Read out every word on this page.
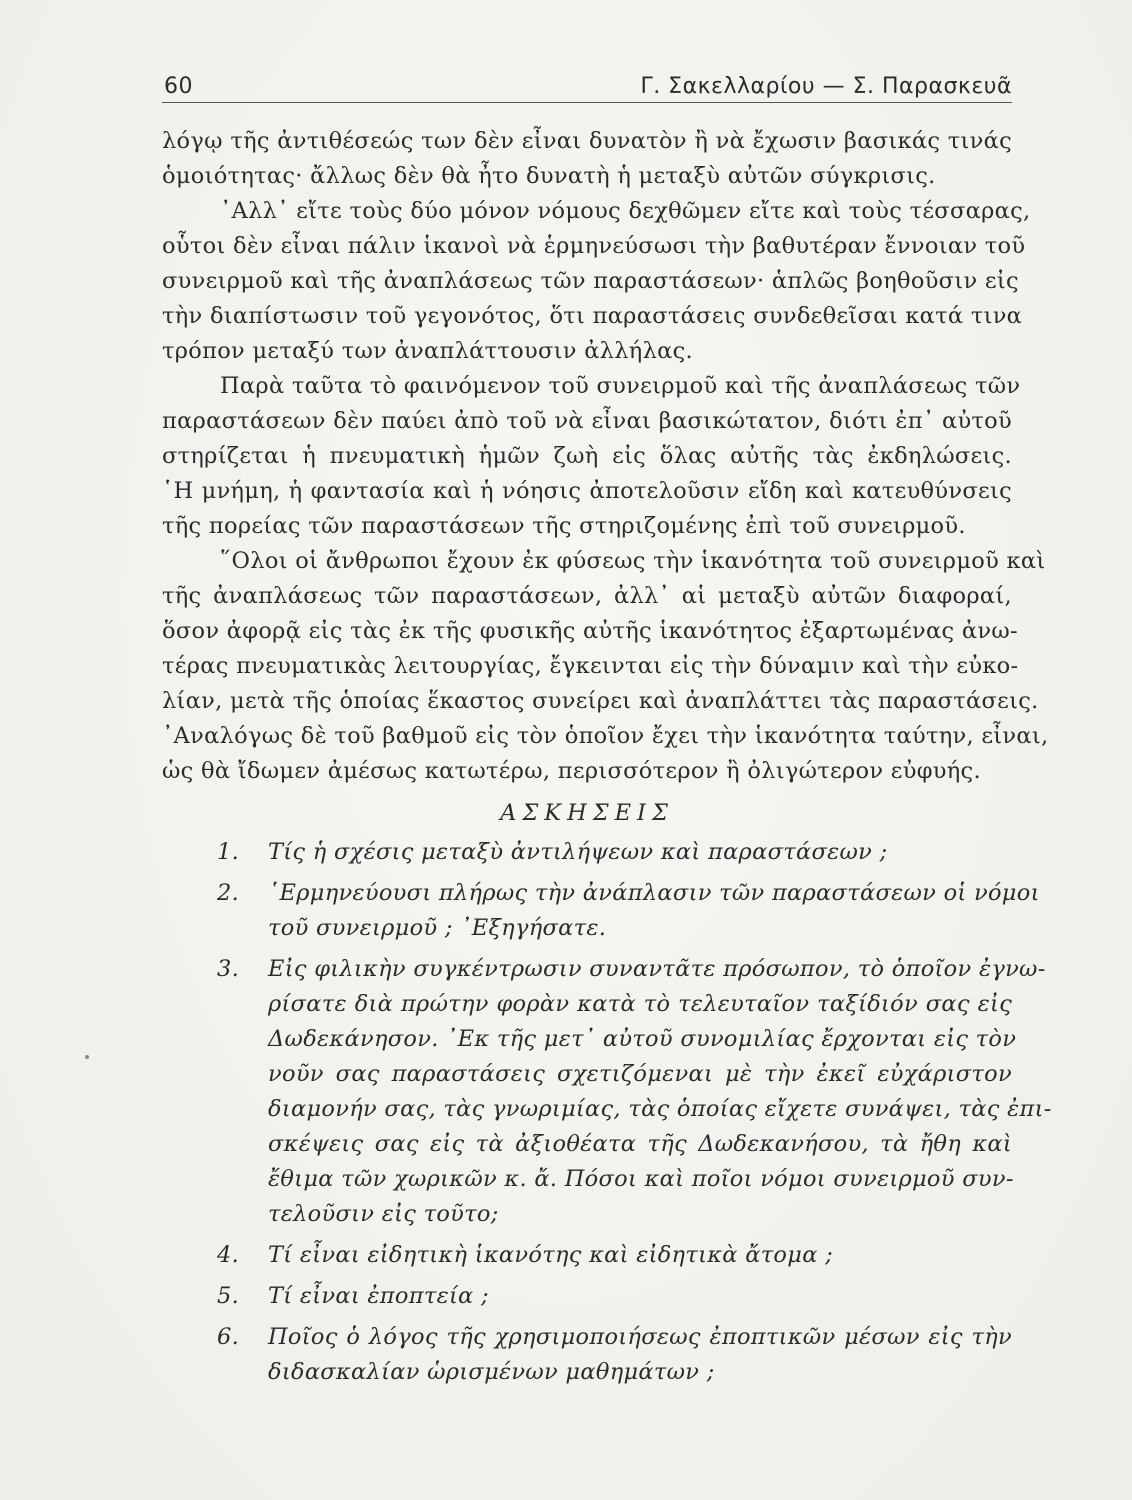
60	Γ. Σακελλαρίου — Σ. Παρασκευᾶ
λόγῳ τῆς ἀντιθέσεώς των δὲν εἶναι δυνατὸν ἢ νὰ ἔχωσιν βασικάς τινάς
ὁμοιότητας· ἄλλως δὲν θὰ ἦτο δυνατὴ ἡ μεταξὺ αὐτῶν σύγκρισις.
᾿Αλλ᾿ εἴτε τοὺς δύο μόνον νόμους δεχθῶμεν εἴτε καὶ τοὺς τέσσαρας,
οὗτοι δὲν εἶναι πάλιν ἱκανοὶ νὰ ἑρμηνεύσωσι τὴν βαθυτέραν ἔννοιαν τοῦ
συνειρμοῦ καὶ τῆς ἀναπλάσεως τῶν παραστάσεων· ἁπλῶς βοηθοῦσιν εἰς
τὴν διαπίστωσιν τοῦ γεγονότος, ὅτι παραστάσεις συνδεθεῖσαι κατά τινα
τρόπον μεταξύ των ἀναπλάττουσιν ἀλλήλας.
Παρὰ ταῦτα τὸ φαινόμενον τοῦ συνειρμοῦ καὶ τῆς ἀναπλάσεως τῶν
παραστάσεων δὲν παύει ἀπὸ τοῦ νὰ εἶναι βασικώτατον, διότι ἐπ᾿ αὐτοῦ
στηρίζεται ἡ πνευματικὴ ἡμῶν ζωὴ εἰς ὅλας αὐτῆς τὰς ἐκδηλώσεις.
῾Η μνήμη, ἡ φαντασία καὶ ἡ νόησις ἀποτελοῦσιν εἴδη καὶ κατευθύνσεις
τῆς πορείας τῶν παραστάσεων τῆς στηριζομένης ἐπὶ τοῦ συνειρμοῦ.
῞Ολοι οἱ ἄνθρωποι ἔχουν ἐκ φύσεως τὴν ἱκανότητα τοῦ συνειρμοῦ καὶ
τῆς ἀναπλάσεως τῶν παραστάσεων, ἀλλ᾿ αἱ μεταξὺ αὐτῶν διαφοραί,
ὅσον ἀφορᾷ εἰς τὰς ἐκ τῆς φυσικῆς αὐτῆς ἱκανότητος ἐξαρτωμένας ἀνω-
τέρας πνευματικὰς λειτουργίας, ἔγκεινται εἰς τὴν δύναμιν καὶ τὴν εὐκο-
λίαν, μετὰ τῆς ὁποίας ἕκαστος συνείρει καὶ ἀναπλάττει τὰς παραστάσεις.
᾿Αναλόγως δὲ τοῦ βαθμοῦ εἰς τὸν ὁποῖον ἔχει τὴν ἱκανότητα ταύτην, εἶναι,
ὡς θὰ ἴδωμεν ἀμέσως κατωτέρω, περισσότερον ἢ ὀλιγώτερον εὐφυής.
ΑΣΚΗΣΕΙΣ
1. Τίς ἡ σχέσις μεταξὺ ἀντιλήψεων καὶ παραστάσεων ;
2. ῾Ερμηνεύουσι πλήρως τὴν ἀνάπλασιν τῶν παραστάσεων οἱ νόμοι
τοῦ συνειρμοῦ ; ᾿Εξηγήσατε.
3. Εἰς φιλικὴν συγκέντρωσιν συναντᾶτε πρόσωπον, τὸ ὁποῖον ἐγνω-
ρίσατε διὰ πρώτην φορὰν κατὰ τὸ τελευταῖον ταξίδιόν σας εἰς
Δωδεκάνησον. ᾿Εκ τῆς μετ᾿ αὐτοῦ συνομιλίας ἔρχονται εἰς τὸν
νοῦν σας παραστάσεις σχετιζόμεναι μὲ τὴν ἐκεῖ εὐχάριστον
διαμονήν σας, τὰς γνωριμίας, τὰς ὁποίας εἴχετε συνάψει, τὰς ἐπι-
σκέψεις σας εἰς τὰ ἀξιοθέατα τῆς Δωδεκανήσου, τὰ ἤθη καὶ
ἔθιμα τῶν χωρικῶν κ. ἄ. Πόσοι καὶ ποῖοι νόμοι συνειρμοῦ συν-
τελοῦσιν εἰς τοῦτο;
4. Τί εἶναι εἰδητικὴ ἱκανότης καὶ εἰδητικὰ ἄτομα ;
5. Τί εἶναι ἐποπτεία ;
6. Ποῖος ὁ λόγος τῆς χρησιμοποιήσεως ἐποπτικῶν μέσων εἰς τὴν
διδασκαλίαν ὡρισμένων μαθημάτων ;
